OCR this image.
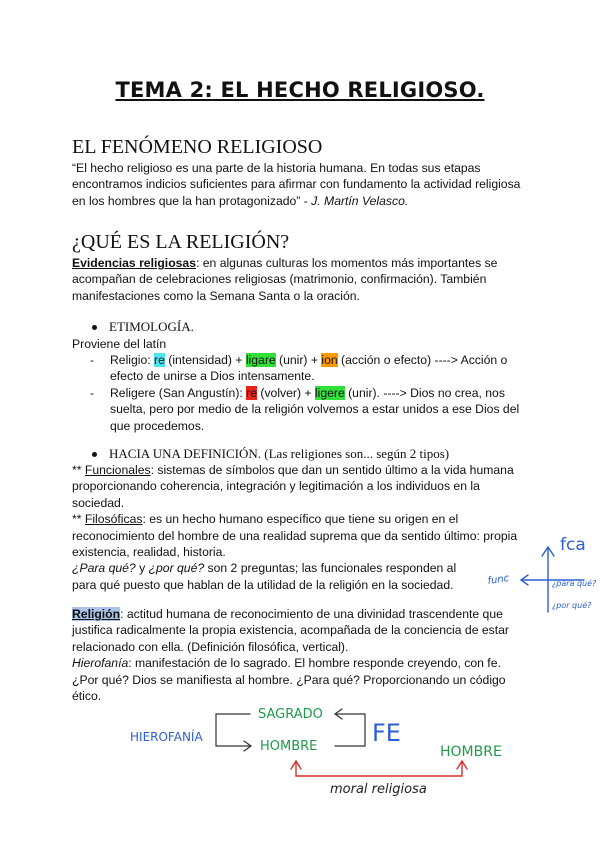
TEMA 2: EL HECHO RELIGIOSO.
EL FENÓMENO RELIGIOSO
“El hecho religioso es una parte de la historia humana. En todas sus etapas
encontramos indicios suficientes para afirmar con fundamento la actividad religiosa
en los hombres que la han protagonizado” - J. Martín Velasco.
¿QUÉ ES LA RELIGIÓN?
Evidencias religiosas: en algunas culturas los momentos más importantes se
acompañan de celebraciones religiosas (matrimonio, confirmación). También
manifestaciones como la Semana Santa o la oración.
ETIMOLOGÍA.
Proviene del latín
- Religio: re (intensidad) + ligare (unir) + ion (acción o efecto) ----> Acción o
efecto de unirse a Dios intensamente.
- Religere (San Angustín): re (volver) + ligere (unir). ----> Dios no crea, nos
suelta, pero por medio de la religión volvemos a estar unidos a ese Dios del
que procedemos.
HACIA UNA DEFINICIÓN. (Las religiones son... según 2 tipos)
** Funcionales: sistemas de símbolos que dan un sentido último a la vida humana
proporcionando coherencia, integración y legitimación a los individuos en la
sociedad.
** Filosóficas: es un hecho humano específico que tiene su origen en el
reconocimiento del hombre de una realidad suprema que da sentido último: propia
existencia, realidad, historia.
¿Para qué? y ¿por qué? son 2 preguntas; las funcionales responden al
para qué puesto que hablan de la utilidad de la religión en la sociedad.
Religión: actitud humana de reconocimiento de una divinidad trascendente que
justifica radicalmente la propia existencia, acompañada de la conciencia de estar
relacionado con ella. (Definición filosófica, vertical).
Hierofanía: manifestación de lo sagrado. El hombre responde creyendo, con fe.
¿Por qué? Dios se manifiesta al hombre. ¿Para qué? Proporcionando un código
ético.
fca
func	¿para qué?
¿por qué?
HIEROFANÍA
SAGRADO
HOMBRE FE
HOMBRE
moral religiosa
